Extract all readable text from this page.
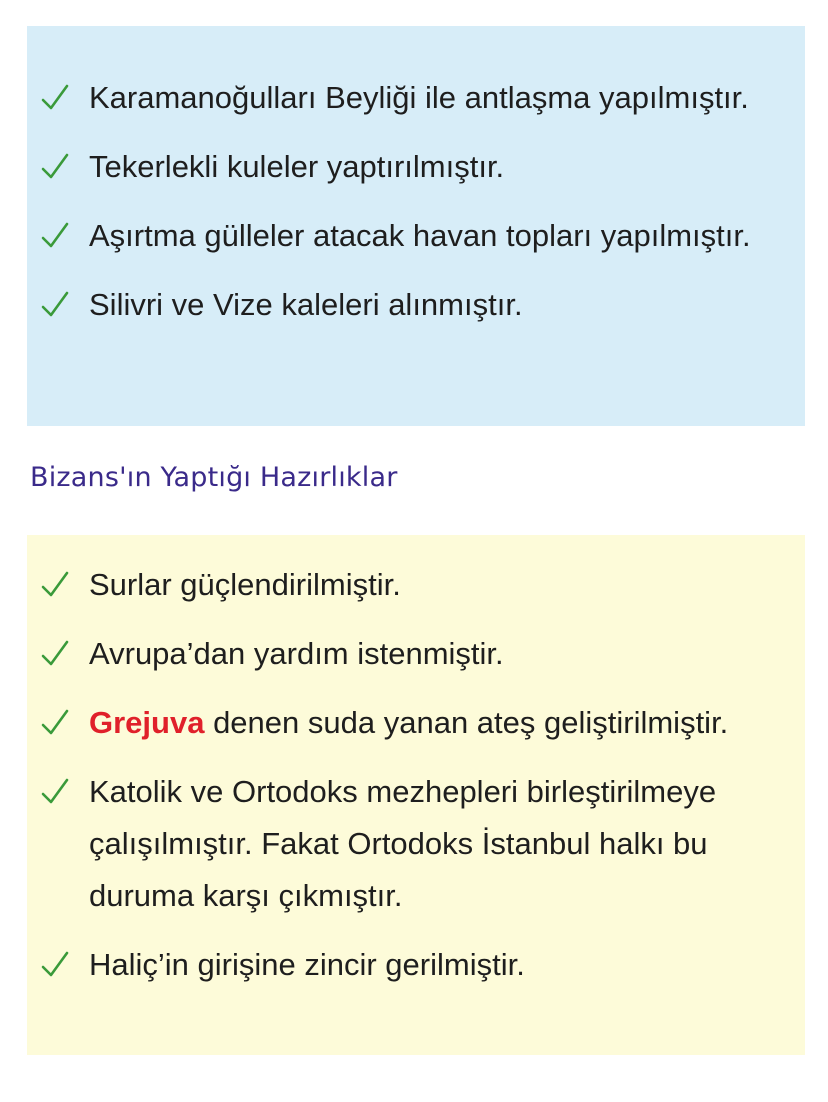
Karamanoğulları Beyliği ile antlaşma yapılmıştır.
Tekerlekli kuleler yaptırılmıştır.
Aşırtma gülleler atacak havan topları yapılmıştır.
Silivri ve Vize kaleleri alınmıştır.
Bizans'ın Yaptığı Hazırlıklar
Surlar güçlendirilmiştir.
Avrupa’dan yardım istenmiştir.
Grejuva denen suda yanan ateş geliştirilmiştir.
Katolik ve Ortodoks mezhepleri birleştirilmeye çalışılmıştır. Fakat Ortodoks İstanbul halkı bu duruma karşı çıkmıştır.
Haliç’in girişine zincir gerilmiştir.
